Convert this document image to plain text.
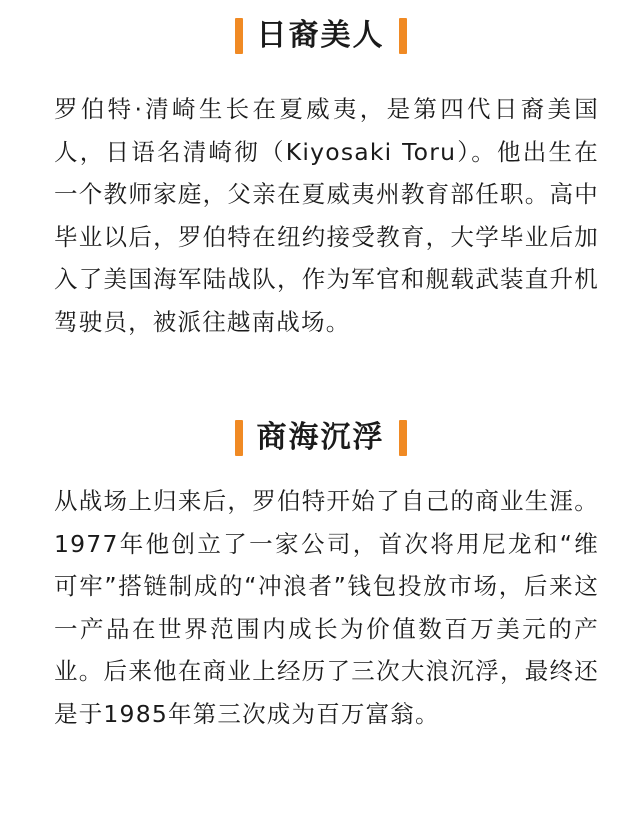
日裔美人

罗伯特·清崎生长在夏威夷，是第四代日裔美国人，日语名清崎彻（Kiyosaki Toru）。他出生在一个教师家庭，父亲在夏威夷州教育部任职。高中毕业以后，罗伯特在纽约接受教育，大学毕业后加入了美国海军陆战队，作为军官和舰载武装直升机驾驶员，被派往越南战场。

商海沉浮

从战场上归来后，罗伯特开始了自己的商业生涯。1977年他创立了一家公司，首次将用尼龙和“维可牢”搭链制成的“冲浪者”钱包投放市场，后来这一产品在世界范围内成长为价值数百万美元的产业。后来他在商业上经历了三次大浪沉浮，最终还是于1985年第三次成为百万富翁。
